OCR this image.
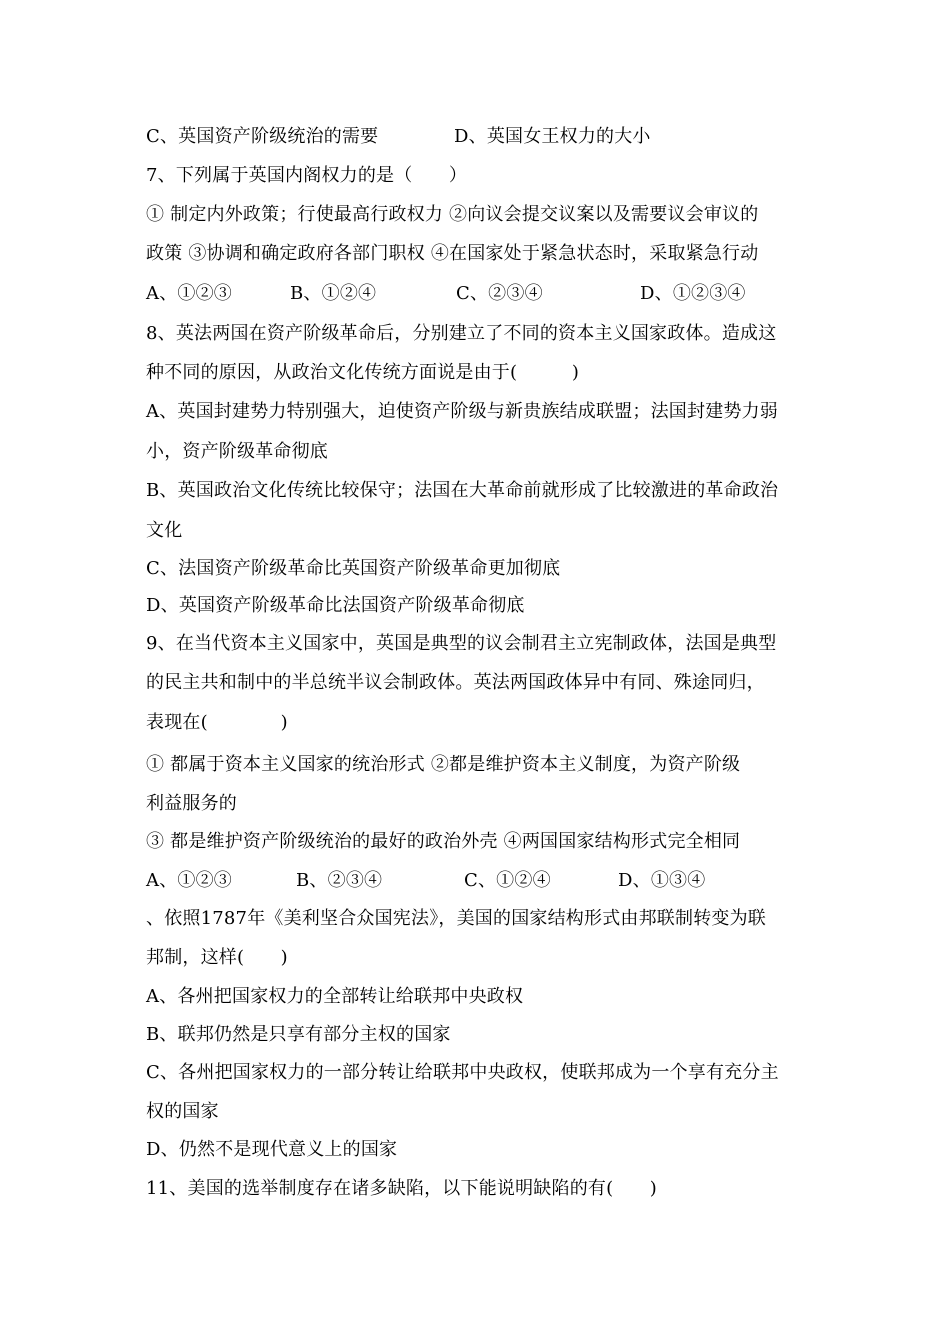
C、英国资产阶级统治的需要	D、英国女王权力的大小
7、下列属于英国内阁权力的是（　　）
① 制定内外政策；行使最高行政权力 ②向议会提交议案以及需要议会审议的
政策 ③协调和确定政府各部门职权 ④在国家处于紧急状态时，采取紧急行动
A、①②③	B、①②④	C、②③④	D、①②③④
8、英法两国在资产阶级革命后，分别建立了不同的资本主义国家政体。造成这
种不同的原因，从政治文化传统方面说是由于(　　　)
A、英国封建势力特别强大，迫使资产阶级与新贵族结成联盟；法国封建势力弱
小，资产阶级革命彻底
B、英国政治文化传统比较保守；法国在大革命前就形成了比较激进的革命政治
文化
C、法国资产阶级革命比英国资产阶级革命更加彻底
D、英国资产阶级革命比法国资产阶级革命彻底
9、在当代资本主义国家中，英国是典型的议会制君主立宪制政体，法国是典型
的民主共和制中的半总统半议会制政体。英法两国政体异中有同、殊途同归，
表现在(　　　　)
① 都属于资本主义国家的统治形式 ②都是维护资本主义制度，为资产阶级
利益服务的
③ 都是维护资产阶级统治的最好的政治外壳 ④两国国家结构形式完全相同
A、①②③	B、②③④	C、①②④	D、①③④
、依照1787年《美利坚合众国宪法》，美国的国家结构形式由邦联制转变为联
邦制，这样(　　)
A、各州把国家权力的全部转让给联邦中央政权
B、联邦仍然是只享有部分主权的国家
C、各州把国家权力的一部分转让给联邦中央政权，使联邦成为一个享有充分主
权的国家
D、仍然不是现代意义上的国家
11、美国的选举制度存在诸多缺陷，以下能说明缺陷的有(　　)
